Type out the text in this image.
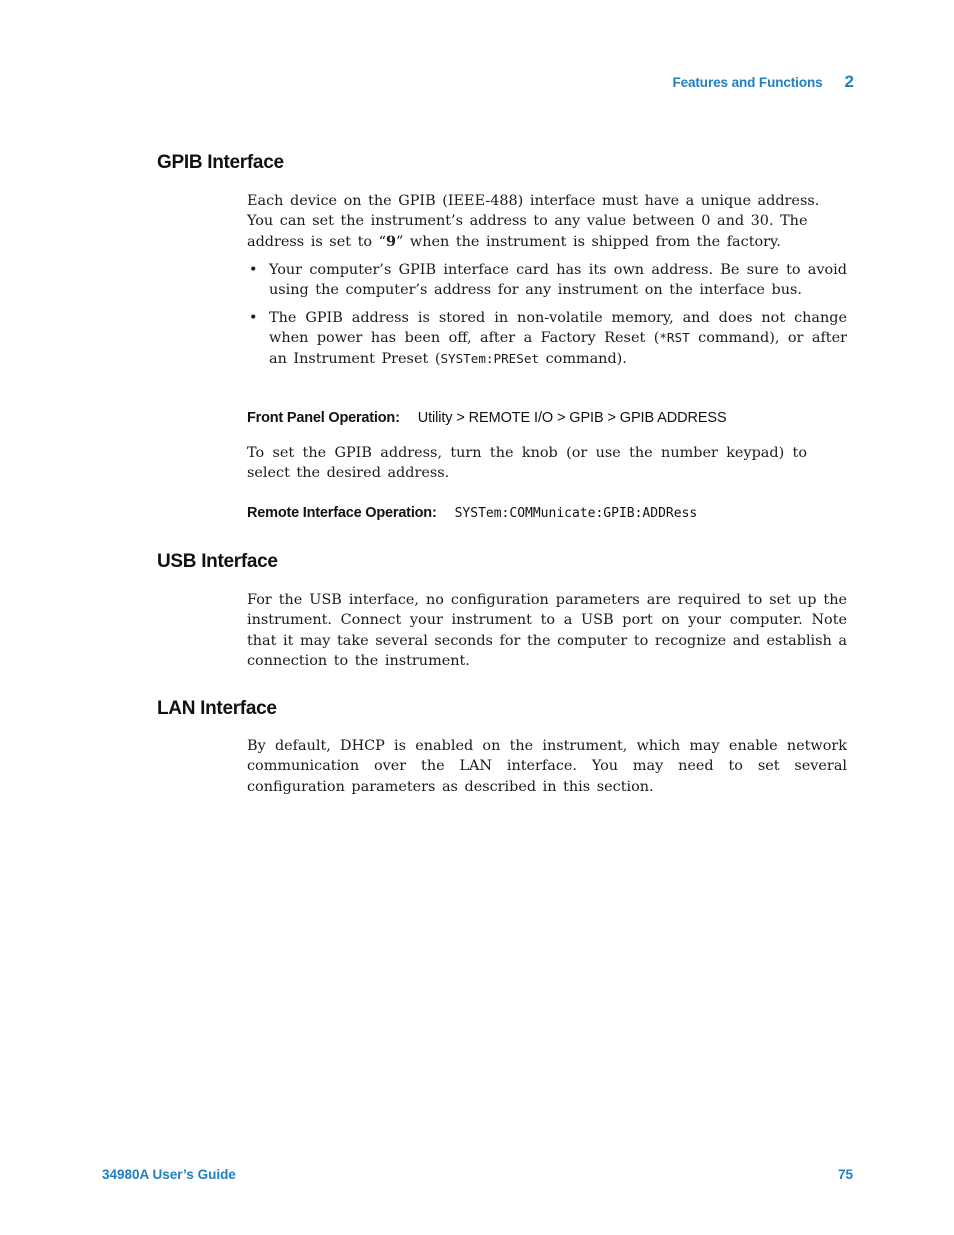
Features and Functions 2
GPIB Interface

Each device on the GPIB (IEEE-488) interface must have a unique address. You can set the instrument’s address to any value between 0 and 30. The address is set to “9” when the instrument is shipped from the factory.

• Your computer’s GPIB interface card has its own address. Be sure to avoid using the computer’s address for any instrument on the interface bus.
• The GPIB address is stored in non-volatile memory, and does not change when power has been off, after a Factory Reset (*RST command), or after an Instrument Preset (SYSTem:PRESet command).
Front Panel Operation: Utility > REMOTE I/O > GPIB > GPIB ADDRESS

To set the GPIB address, turn the knob (or use the number keypad) to select the desired address.

Remote Interface Operation: SYSTem:COMMunicate:GPIB:ADDRess
USB Interface

For the USB interface, no configuration parameters are required to set up the instrument. Connect your instrument to a USB port on your computer. Note that it may take several seconds for the computer to recognize and establish a connection to the instrument.

LAN Interface

By default, DHCP is enabled on the instrument, which may enable network communication over the LAN interface. You may need to set several configuration parameters as described in this section.

34980A User’s Guide	75
